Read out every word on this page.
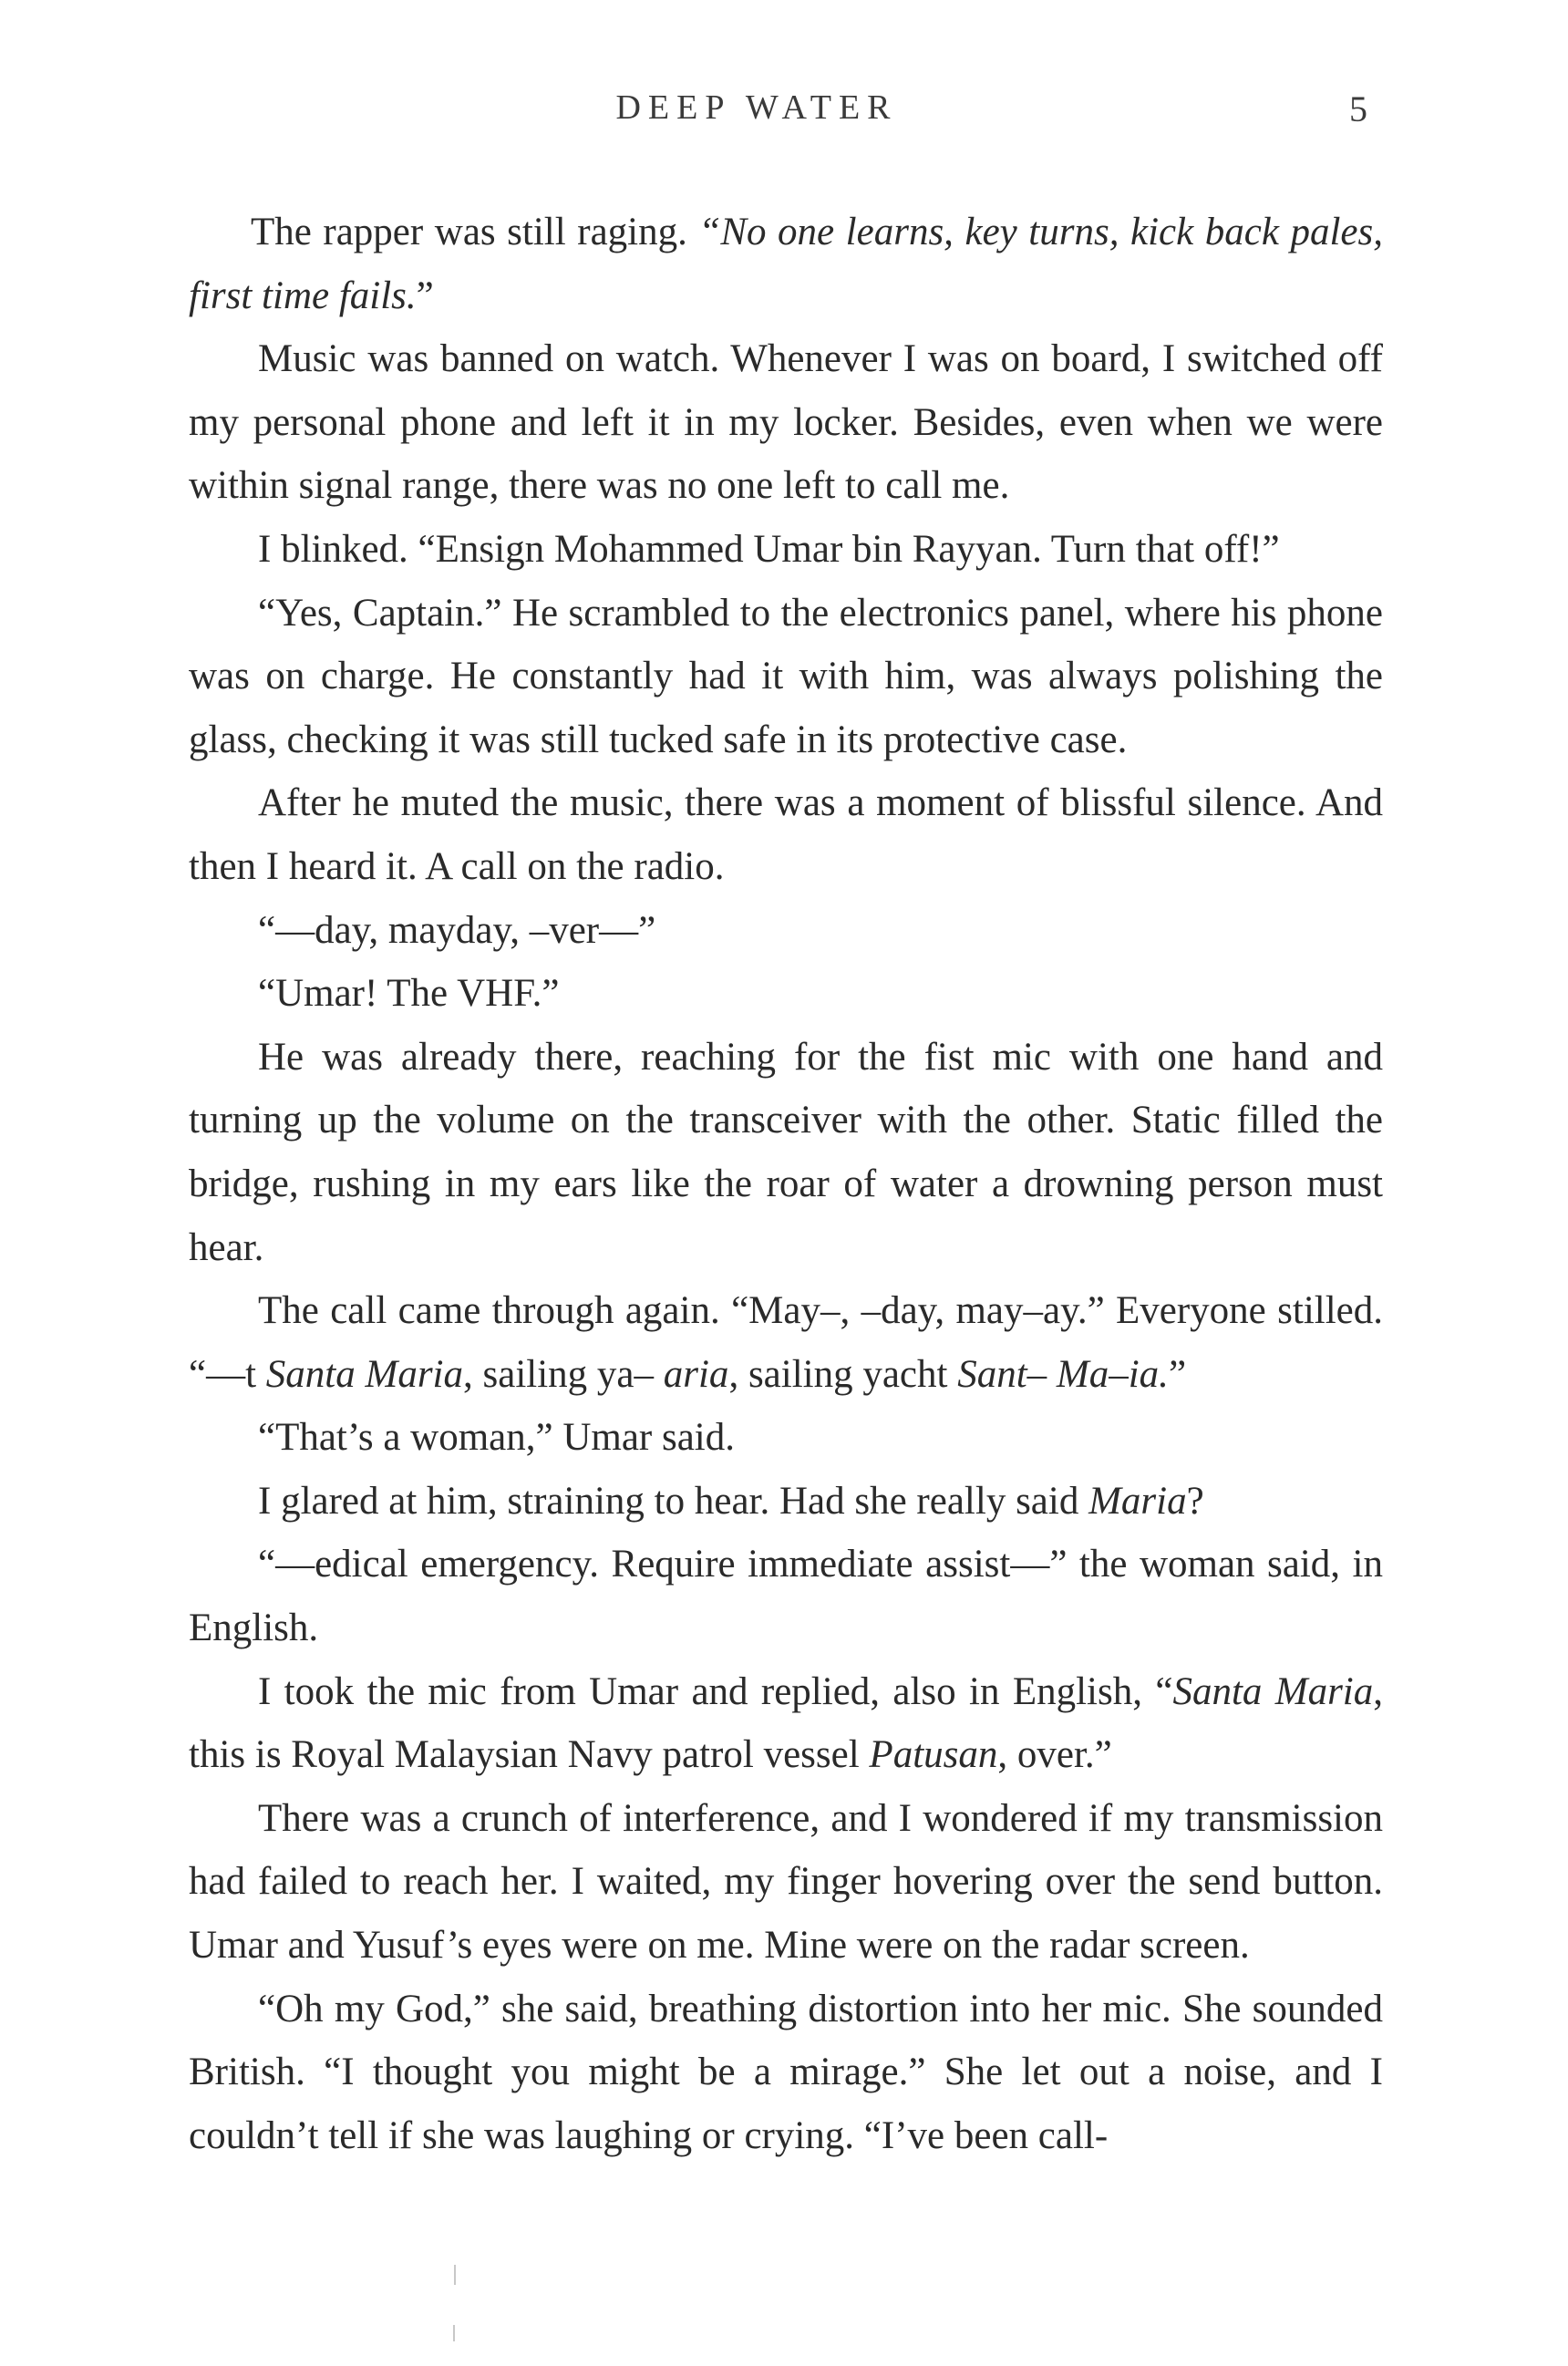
DEEP WATER	5

The rapper was still raging. “No one learns, key turns, kick back pales, first time fails.”

Music was banned on watch. Whenever I was on board, I switched off my personal phone and left it in my locker. Besides, even when we were within signal range, there was no one left to call me.

I blinked. “Ensign Mohammed Umar bin Rayyan. Turn that off!”

“Yes, Captain.” He scrambled to the electronics panel, where his phone was on charge. He constantly had it with him, was always polishing the glass, checking it was still tucked safe in its protective case.

After he muted the music, there was a moment of blissful silence. And then I heard it. A call on the radio.

“—day, mayday, –ver—”

“Umar! The VHF.”

He was already there, reaching for the fist mic with one hand and turning up the volume on the transceiver with the other. Static filled the bridge, rushing in my ears like the roar of water a drowning person must hear.

The call came through again. “May–, –day, may–ay.” Everyone stilled. “—t Santa Maria, sailing ya– aria, sailing yacht Sant– Ma–ia.”

“That’s a woman,” Umar said.

I glared at him, straining to hear. Had she really said Maria?

“—edical emergency. Require immediate assist—” the woman said, in English.

I took the mic from Umar and replied, also in English, “Santa Maria, this is Royal Malaysian Navy patrol vessel Patusan, over.”

There was a crunch of interference, and I wondered if my transmission had failed to reach her. I waited, my finger hovering over the send button. Umar and Yusuf’s eyes were on me. Mine were on the radar screen.

“Oh my God,” she said, breathing distortion into her mic. She sounded British. “I thought you might be a mirage.” She let out a noise, and I couldn’t tell if she was laughing or crying. “I’ve been call-
